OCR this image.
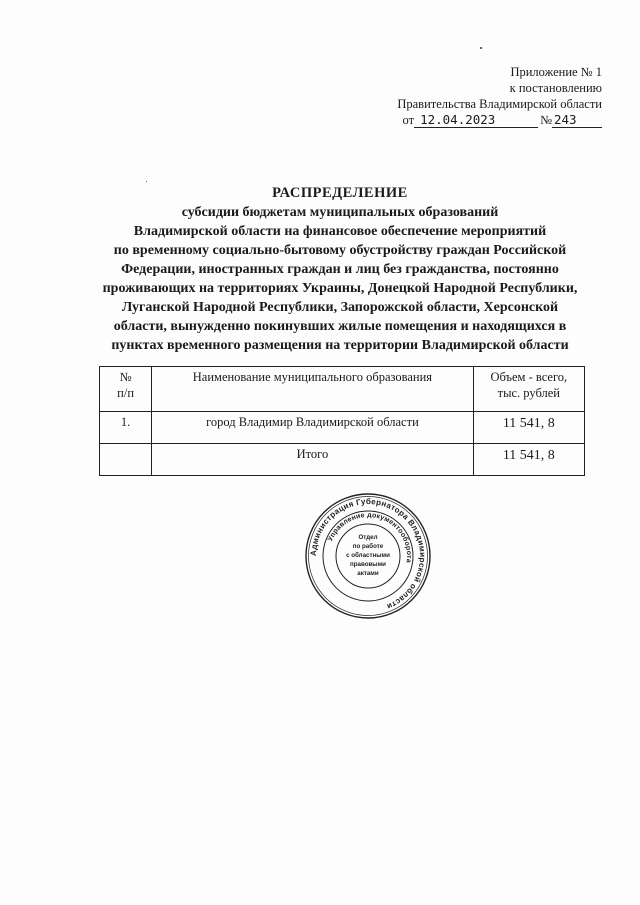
Приложение № 1
к постановлению
Правительства Владимирской области
от 12.04.2023	№ 243
РАСПРЕДЕЛЕНИЕ
субсидии бюджетам муниципальных образований
Владимирской области на финансовое обеспечение мероприятий
по временному социально-бытовому обустройству граждан Российской
Федерации, иностранных граждан и лиц без гражданства, постоянно
проживающих на территориях Украины, Донецкой Народной Республики,
Луганской Народной Республики, Запорожской области, Херсонской
области, вынужденно покинувших жилые помещения и находящихся в
пунктах временного размещения на территории Владимирской области
№
п/п	Наименование муниципального образования	Объем - всего,
тыс. рублей
1.	город Владимир Владимирской области	11 541, 8
	Итого	11 541, 8
Администрация Губернатора Владимирской области
Управление документооборота
Отдел
по работе
с областными
правовыми
актами
